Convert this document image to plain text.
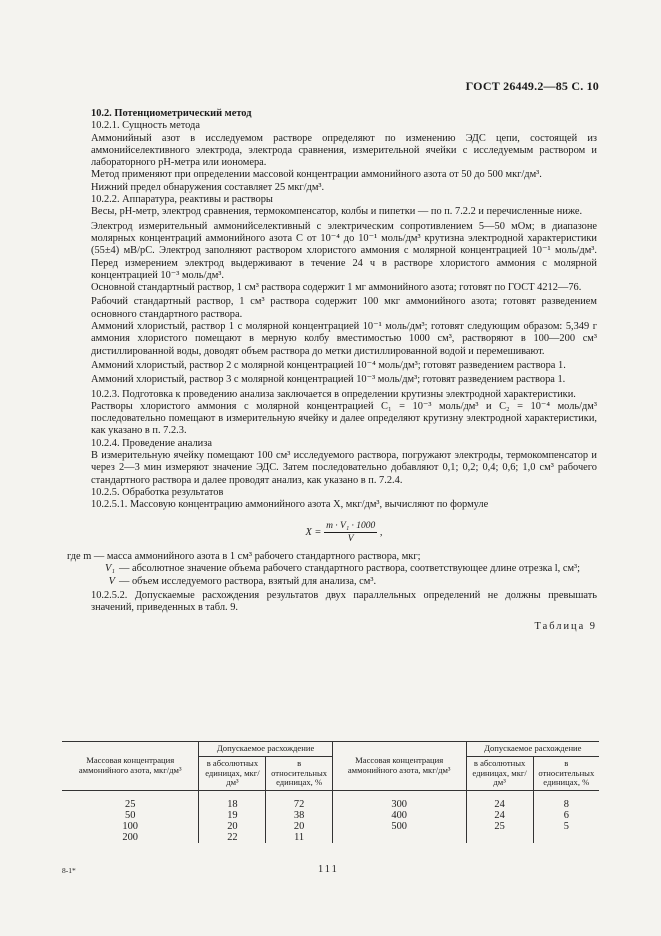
ГОСТ 26449.2—85 С. 10

10.2. Потенциометрический метод

10.2.1. Сущность метода

Аммонийный азот в исследуемом растворе определяют по изменению ЭДС цепи, состоящей из аммонийселективного электрода, электрода сравнения, измерительной ячейки с исследуемым раствором и лабораторного pH-метра или иономера.

Метод применяют при определении массовой концентрации аммонийного азота от 50 до 500 мкг/дм³.

Нижний предел обнаружения составляет 25 мкг/дм³.

10.2.2. Аппаратура, реактивы и растворы

Весы, pH-метр, электрод сравнения, термокомпенсатор, колбы и пипетки — по п. 7.2.2 и перечисленные ниже.

Электрод измерительный аммонийселективный с электрическим сопротивлением 5—50 мОм; в диапазоне молярных концентраций аммонийного азота C от 10⁻⁴ до 10⁻¹ моль/дм³ крутизна электродной характеристики (55±4) мВ/pC. Электрод заполняют раствором хлористого аммония с молярной концентрацией 10⁻¹ моль/дм³. Перед измерением электрод выдерживают в течение 24 ч в растворе хлористого аммония с молярной концентрацией 10⁻³ моль/дм³.

Основной стандартный раствор, 1 см³ раствора содержит 1 мг аммонийного азота; готовят по ГОСТ 4212—76.

Рабочий стандартный раствор, 1 см³ раствора содержит 100 мкг аммонийного азота; готовят разведением основного стандартного раствора.

Аммоний хлористый, раствор 1 с молярной концентрацией 10⁻¹ моль/дм³; готовят следующим образом: 5,349 г аммония хлористого помещают в мерную колбу вместимостью 1000 см³, растворяют в 100—200 см³ дистиллированной воды, доводят объем раствора до метки дистиллированной водой и перемешивают.

Аммоний хлористый, раствор 2 с молярной концентрацией 10⁻⁴ моль/дм³; готовят разведением раствора 1.

Аммоний хлористый, раствор 3 с молярной концентрацией 10⁻³ моль/дм³; готовят разведением раствора 1.

10.2.3. Подготовка к проведению анализа заключается в определении крутизны электродной характеристики.

Растворы хлористого аммония с молярной концентрацией C₁ = 10⁻³ моль/дм³ и C₂ = 10⁻⁴ моль/дм³ последовательно помещают в измерительную ячейку и далее определяют крутизну электродной характеристики, как указано в п. 7.2.3.

10.2.4. Проведение анализа

В измерительную ячейку помещают 100 см³ исследуемого раствора, погружают электроды, термокомпенсатор и через 2—3 мин измеряют значение ЭДС. Затем последовательно добавляют 0,1; 0,2; 0,4; 0,6; 1,0 см³ рабочего стандартного раствора и далее проводят анализ, как указано в п. 7.2.4.

10.2.5. Обработка результатов

10.2.5.1. Массовую концентрацию аммонийного азота X, мкг/дм³, вычисляют по формуле

$X = \frac{\text{m · V₁ · 1000}}{V}$ ,

где m — масса аммонийного азота в 1 см³ рабочего стандартного раствора, мкг;

V₁ — абсолютное значение объема рабочего стандартного раствора, соответствующее длине отрезка l, см³;
V — объем исследуемого раствора, взятый для анализа, см³.

10.2.5.2. Допускаемые расхождения результатов двух параллельных определений не должны превышать значений, приведенных в табл. 9.

Таблица 9
Массовая концентрация аммонийного азота, мкг/дм³	Допускаемое расхождение		Массовая концентрация аммонийного азота, мкг/дм³	Допускаемое расхождение	
	в абсолютных единицах, мкг/дм³	в относительных единицах, %		в абсолютных единицах, мкг/дм³	в относительных единицах, %
25	18	72	300	24	8
50	19	38	400	24	6
100	20	20	500	25	5
200	22	11			
8-1*	111
